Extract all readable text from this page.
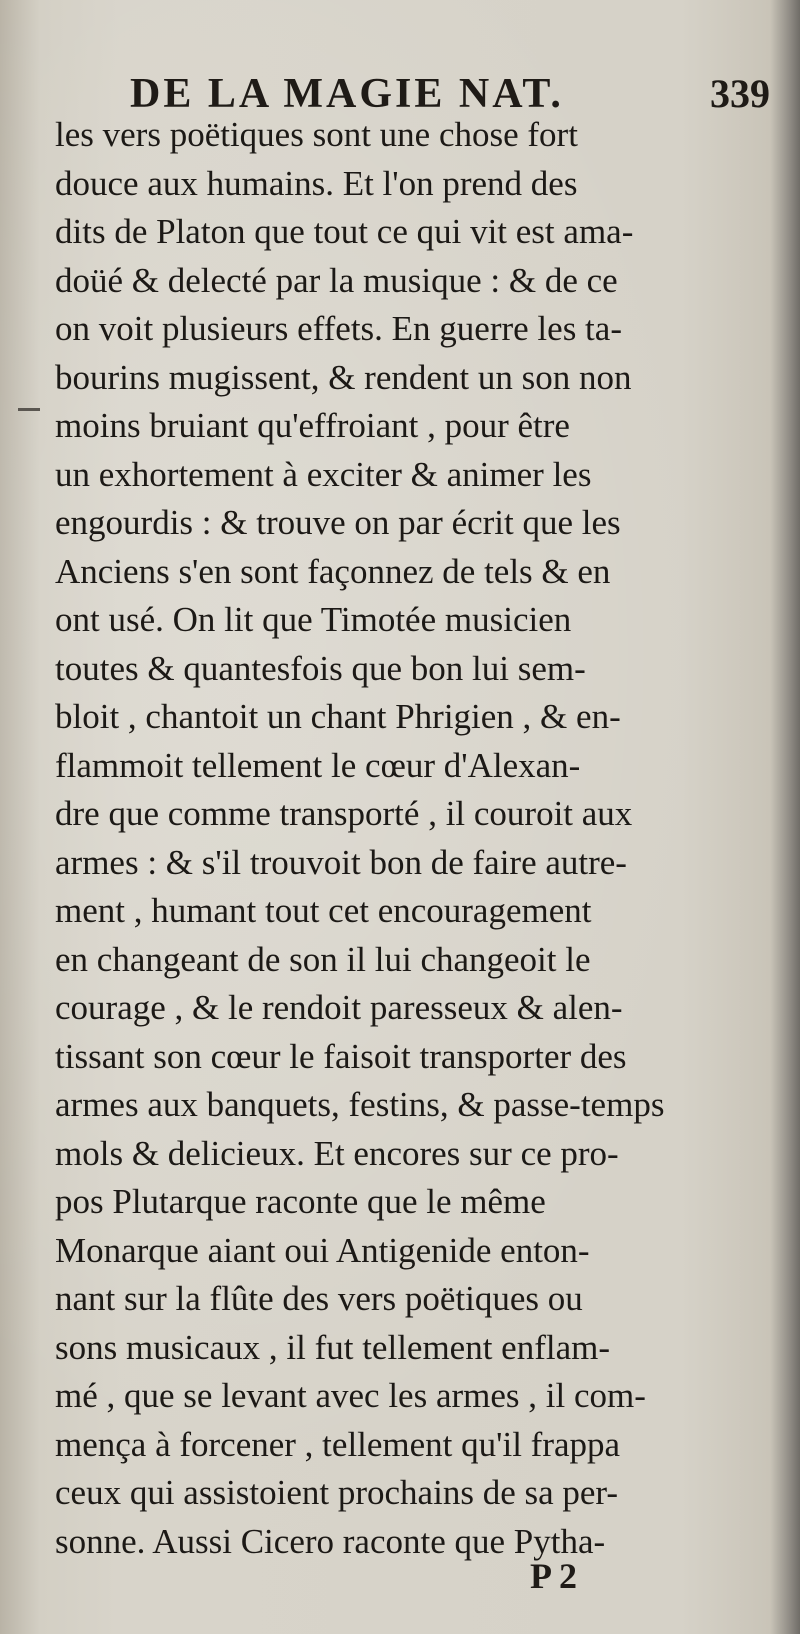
DE LA MAGIE NAT.	339
les vers poëtiques sont une chose fort
douce aux humains. Et l'on prend des
dits de Platon que tout ce qui vit est ama-
doüé & delecté par la musique : & de ce
on voit plusieurs effets. En guerre les ta-
bourins mugissent, & rendent un son non
moins bruiant qu'effroiant , pour être
un exhortement à exciter & animer les
engourdis : & trouve on par écrit que les
Anciens s'en sont façonnez de tels & en
ont usé. On lit que Timotée musicien
toutes & quantesfois que bon lui sem-
bloit , chantoit un chant Phrigien , & en-
flammoit tellement le cœur d'Alexan-
dre que comme transporté , il couroit aux
armes : & s'il trouvoit bon de faire autre-
ment , humant tout cet encouragement
en changeant de son il lui changeoit le
courage , & le rendoit paresseux & alen-
tissant son cœur le faisoit transporter des
armes aux banquets, festins, & passe-temps
mols & delicieux. Et encores sur ce pro-
pos Plutarque raconte que le même
Monarque aiant oui Antigenide enton-
nant sur la flûte des vers poëtiques ou
sons musicaux , il fut tellement enflam-
mé , que se levant avec les armes , il com-
mença à forcener , tellement qu'il frappa
ceux qui assistoient prochains de sa per-
sonne. Aussi Cicero raconte que Pytha-
P 2
